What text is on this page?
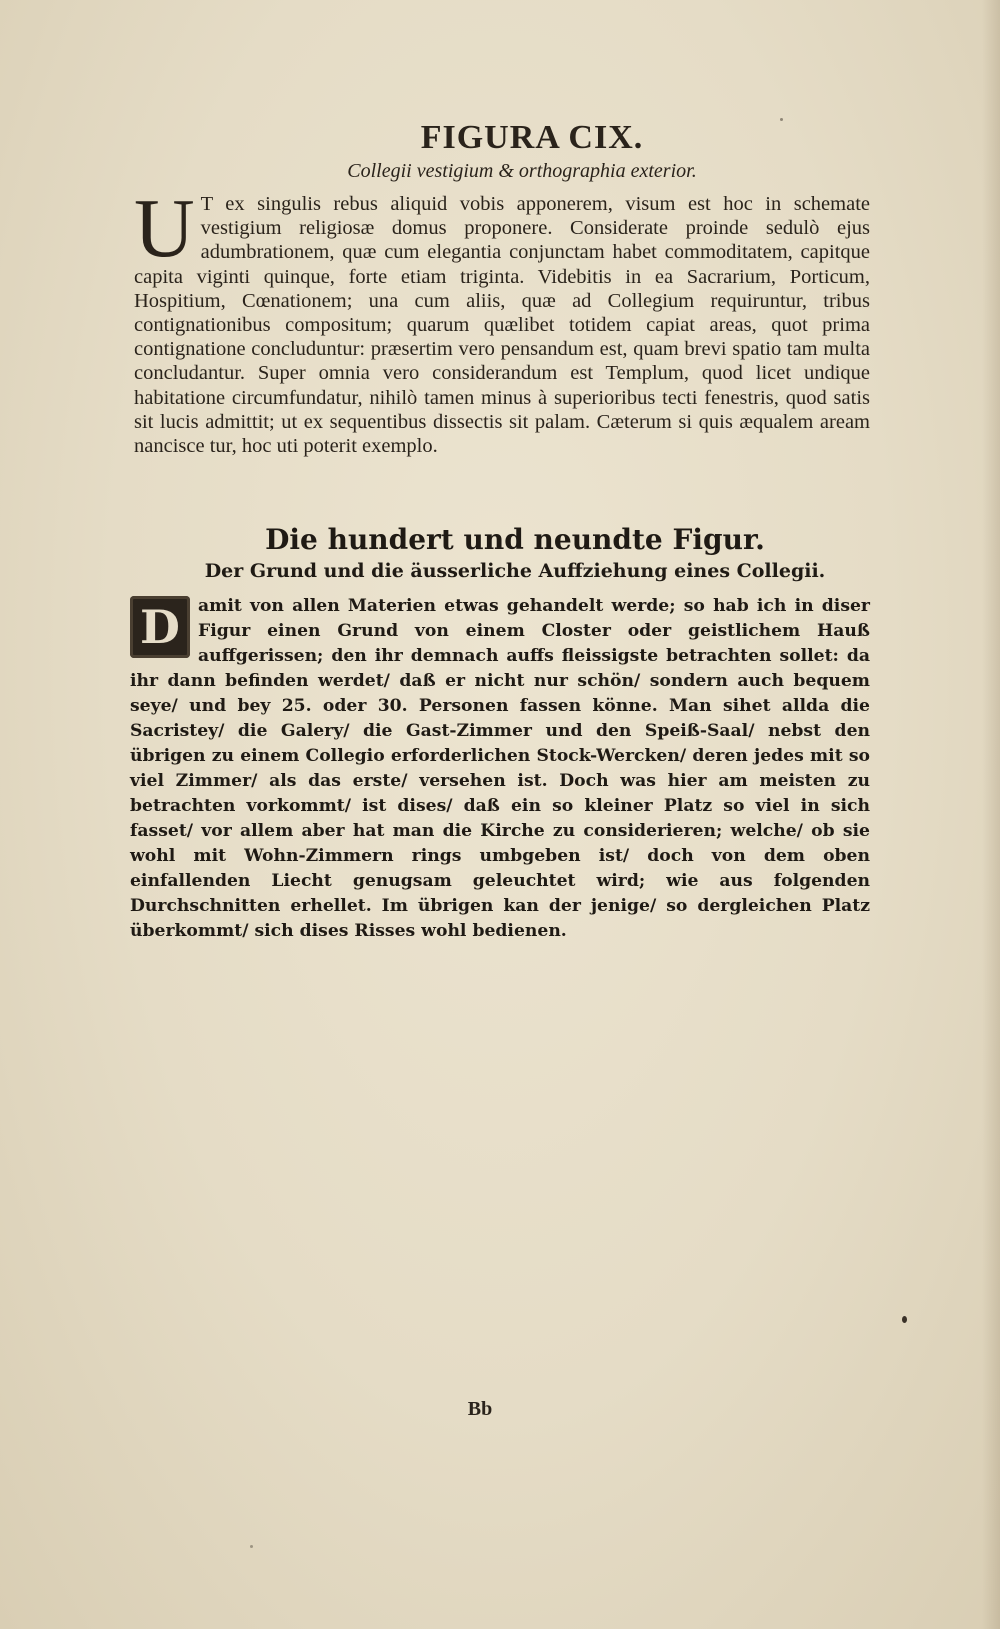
FIGURA CIX.
Collegii vestigium & orthographia exterior.

U T ex singulis rebus aliquid vobis apponerem, visum est hoc in schemate vestigium religiosæ domus proponere. Considerate proinde sedulò ejus adumbrationem, quæ cum elegantia conjunctam habet commoditatem, capitque capita viginti quinque, forte etiam triginta. Videbitis in ea Sacrarium, Porticum, Hospitium, Cœnationem; una cum aliis, quæ ad Collegium requiruntur, tribus contignationibus compositum; quarum quælibet totidem capiat areas, quot prima contignatione concluduntur: præsertim vero pensandum est, quam brevi spatio tam multa concludantur. Super omnia vero considerandum est Templum, quod licet undique habitatione circumfundatur, nihilò tamen minus à superioribus tecti fenestris, quod satis sit lucis admittit; ut ex sequentibus dissectis sit palam. Cæterum si quis æqualem aream nancisce tur, hoc uti poterit exemplo.

Die hundert und neundte Figur.
Der Grund und die äusserliche Auffziehung eines Collegii.

D	amit von allen Materien etwas gehandelt werde; so hab ich in diser Figur einen Grund von einem Closter oder geistlichem Hauß auffgerissen; den ihr demnach auffs fleissigste betrachten sollet: da ihr dann befinden werdet/ daß er nicht nur schön/ sondern auch bequem seye/ und bey 25. oder 30. Personen fassen könne. Man sihet allda die Sacristey/ die Galery/ die Gast-Zimmer und den Speiß-Saal/ nebst den übrigen zu einem Collegio erforderlichen Stock-Wercken/ deren jedes mit so viel Zimmer/ als das erste/ versehen ist. Doch was hier am meisten zu betrachten vorkommt/ ist dises/ daß ein so kleiner Platz so viel in sich fasset/ vor allem aber hat man die Kirche zu considerieren; welche/ ob sie wohl mit Wohn-Zimmern rings umbgeben ist/ doch von dem oben einfallenden Liecht genugsam geleuchtet wird; wie aus folgenden Durchschnitten erhellet. Im übrigen kan der jenige/ so dergleichen Platz überkommt/ sich dises Risses wohl bedienen.

Bb
